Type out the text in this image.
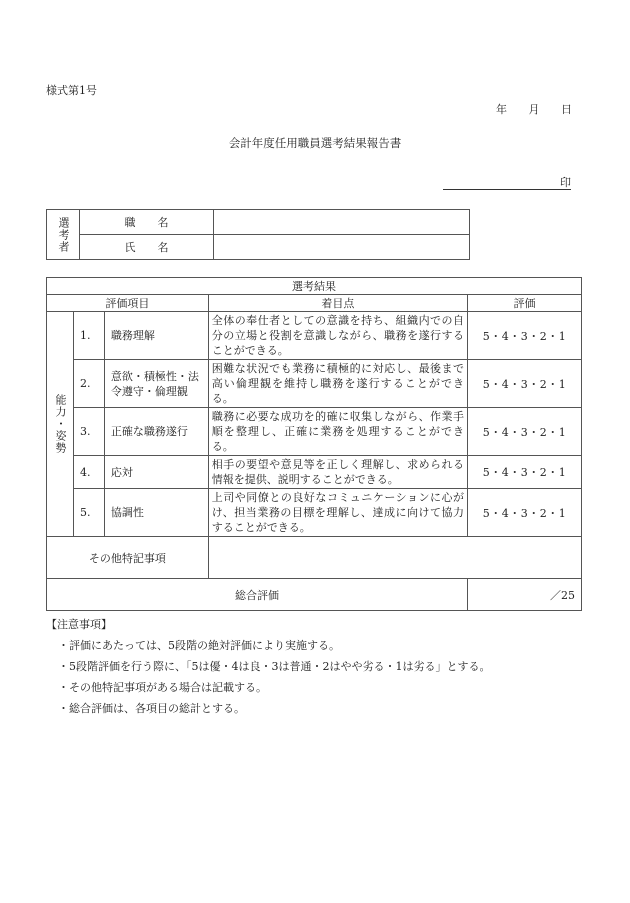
様式第1号
年 月 日
会計年度任用職員選考結果報告書
印
選考者	職　　名	
	氏　　名	
選考結果				
評価項目			着目点	評価

能力・姿勢	1.	職務理解	全体の奉仕者としての意識を持ち、組織内での自分の立場と役割を意識しながら、職務を遂行することができる。	5・4・3・2・1
	2.	意欲・積極性・法令遵守・倫理観	困難な状況でも業務に積極的に対応し、最後まで高い倫理観を維持し職務を遂行することができる。	5・4・3・2・1
	3.	正確な職務遂行	職務に必要な成功を的確に収集しながら、作業手順を整理し、正確に業務を処理することができる。	5・4・3・2・1
	4.	応対	相手の要望や意見等を正しく理解し、求められる情報を提供、説明することができる。	5・4・3・2・1
	5.	協調性	上司や同僚との良好なコミュニケーションに心がけ、担当業務の目標を理解し、達成に向けて協力することができる。	5・4・3・2・1
その他特記事項				
総合評価				／25
【注意事項】
・評価にあたっては、5段階の絶対評価により実施する。
・5段階評価を行う際に、「5は優・4は良・3は普通・2はやや劣る・1は劣る」とする。
・その他特記事項がある場合は記載する。
・総合評価は、各項目の総計とする。
